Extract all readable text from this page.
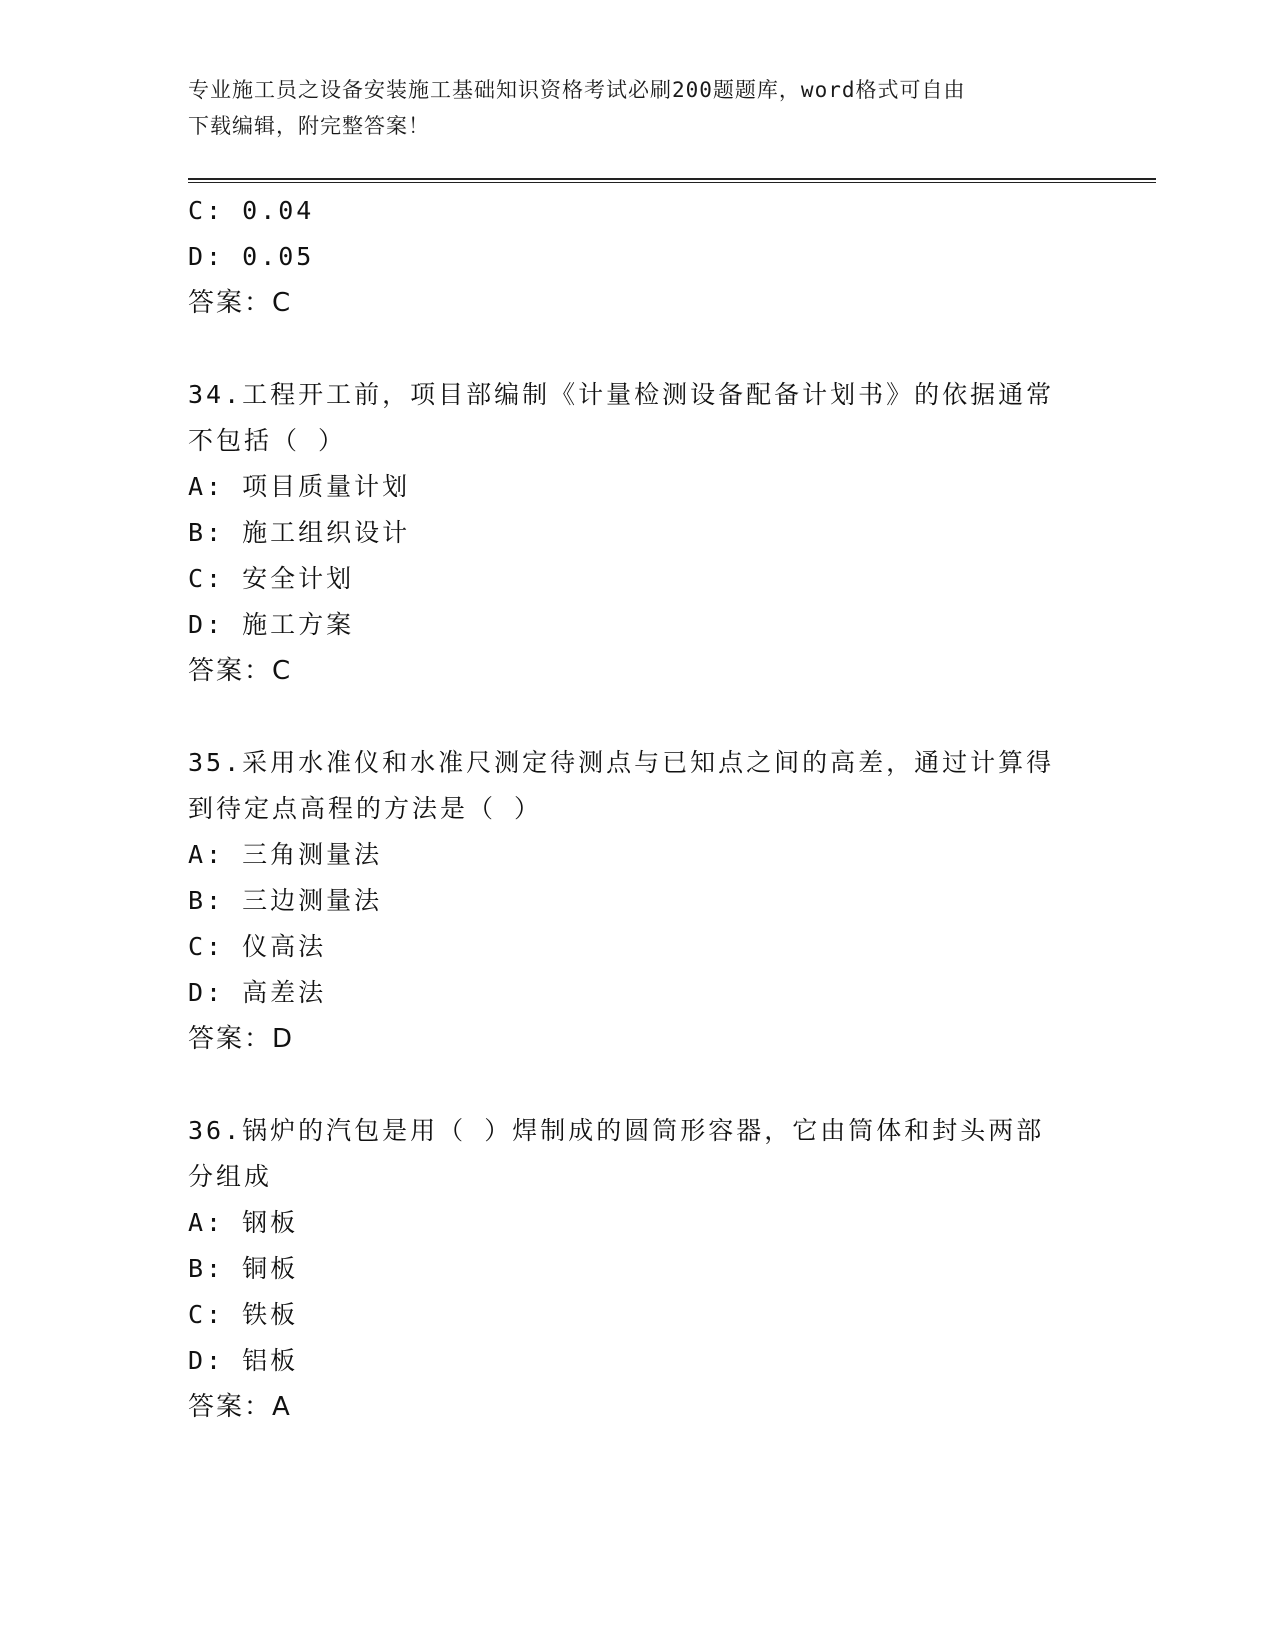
专业施工员之设备安装施工基础知识资格考试必刷200题题库，word格式可自由
下载编辑，附完整答案！
C: 0.04
D: 0.05
答案：C
34.工程开工前，项目部编制《计量检测设备配备计划书》的依据通常
不包括（ ）
A: 项目质量计划
B: 施工组织设计
C: 安全计划
D: 施工方案
答案：C
35.采用水准仪和水准尺测定待测点与已知点之间的高差，通过计算得
到待定点高程的方法是（ ）
A: 三角测量法
B: 三边测量法
C: 仪高法
D: 高差法
答案：D
36.锅炉的汽包是用（ ）焊制成的圆筒形容器，它由筒体和封头两部
分组成
A: 钢板
B: 铜板
C: 铁板
D: 铝板
答案：A
